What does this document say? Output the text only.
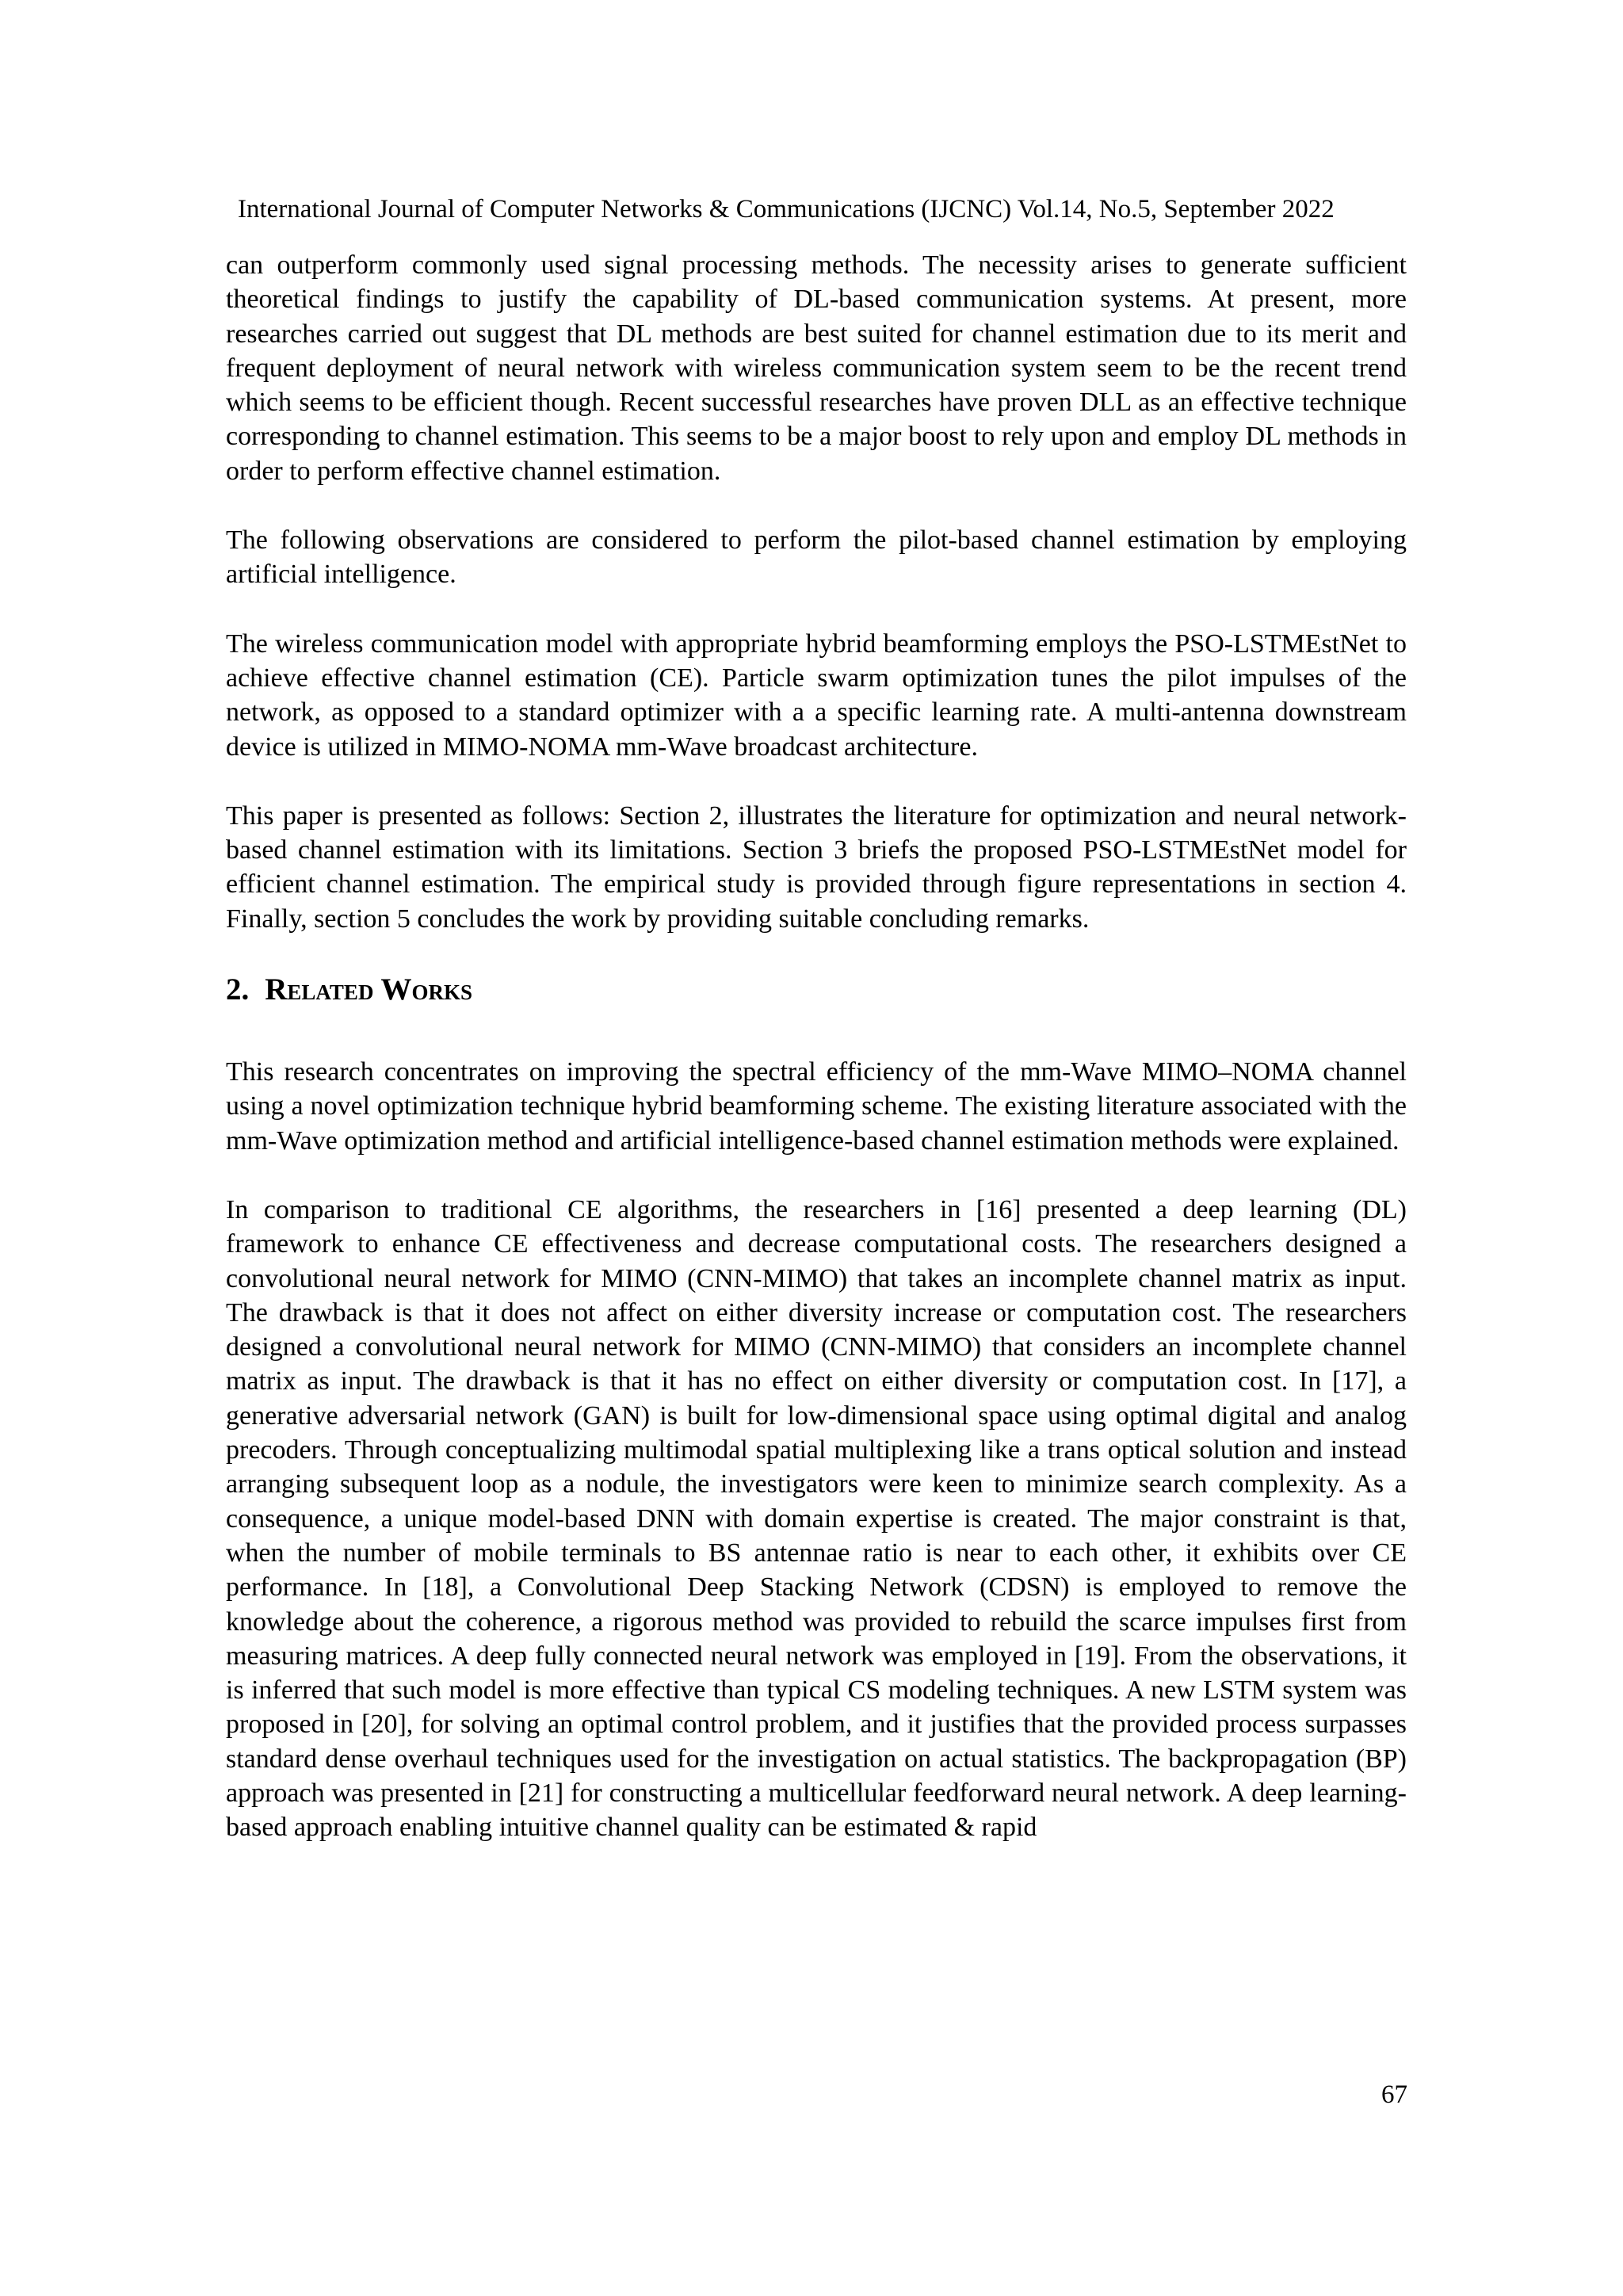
International Journal of Computer Networks & Communications (IJCNC) Vol.14, No.5, September 2022

can outperform commonly used signal processing methods. The necessity arises to generate sufficient theoretical findings to justify the capability of DL-based communication systems. At present, more researches carried out suggest that DL methods are best suited for channel estimation due to its merit and frequent deployment of neural network with wireless communication system seem to be the recent trend which seems to be efficient though. Recent successful researches have proven DLL as an effective technique corresponding to channel estimation. This seems to be a major boost to rely upon and employ DL methods in order to perform effective channel estimation.

The following observations are considered to perform the pilot-based channel estimation by employing artificial intelligence.

The wireless communication model with appropriate hybrid beamforming employs the PSO-LSTMEstNet to achieve effective channel estimation (CE). Particle swarm optimization tunes the pilot impulses of the network, as opposed to a standard optimizer with a a specific learning rate. A multi-antenna downstream device is utilized in MIMO-NOMA mm-Wave broadcast architecture.

This paper is presented as follows: Section 2, illustrates the literature for optimization and neural network-based channel estimation with its limitations. Section 3 briefs the proposed PSO-LSTMEstNet model for efficient channel estimation. The empirical study is provided through figure representations in section 4. Finally, section 5 concludes the work by providing suitable concluding remarks.

2. Related Works

This research concentrates on improving the spectral efficiency of the mm-Wave MIMO–NOMA channel using a novel optimization technique hybrid beamforming scheme. The existing literature associated with the mm-Wave optimization method and artificial intelligence-based channel estimation methods were explained.

In comparison to traditional CE algorithms, the researchers in [16] presented a deep learning (DL) framework to enhance CE effectiveness and decrease computational costs. The researchers designed a convolutional neural network for MIMO (CNN-MIMO) that takes an incomplete channel matrix as input. The drawback is that it does not affect on either diversity increase or computation cost. The researchers designed a convolutional neural network for MIMO (CNN-MIMO) that considers an incomplete channel matrix as input. The drawback is that it has no effect on either diversity or computation cost. In [17], a generative adversarial network (GAN) is built for low-dimensional space using optimal digital and analog precoders. Through conceptualizing multimodal spatial multiplexing like a trans optical solution and instead arranging subsequent loop as a nodule, the investigators were keen to minimize search complexity. As a consequence, a unique model-based DNN with domain expertise is created. The major constraint is that, when the number of mobile terminals to BS antennae ratio is near to each other, it exhibits over CE performance. In [18], a Convolutional Deep Stacking Network (CDSN) is employed to remove the knowledge about the coherence, a rigorous method was provided to rebuild the scarce impulses first from measuring matrices. A deep fully connected neural network was employed in [19]. From the observations, it is inferred that such model is more effective than typical CS modeling techniques. A new LSTM system was proposed in [20], for solving an optimal control problem, and it justifies that the provided process surpasses standard dense overhaul techniques used for the investigation on actual statistics. The backpropagation (BP) approach was presented in [21] for constructing a multicellular feedforward neural network. A deep learning-based approach enabling intuitive channel quality can be estimated & rapid

67
